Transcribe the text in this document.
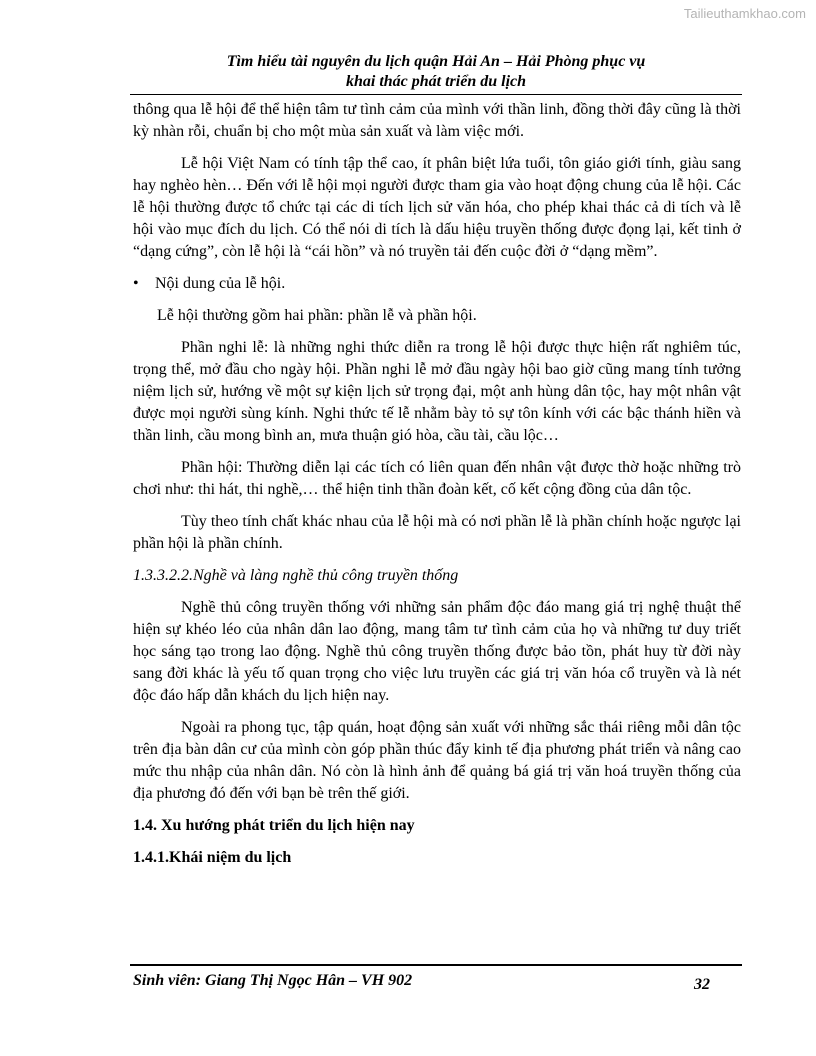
Tailieuthamkhao.com
Tìm hiểu tài nguyên du lịch quận Hải An – Hải Phòng phục vụ
khai thác phát triển du lịch

thông qua lễ hội để thể hiện tâm tư tình cảm của mình với thần linh, đồng thời đây cũng là thời kỳ nhàn rỗi, chuẩn bị cho một mùa sản xuất và làm việc mới.

Lễ hội Việt Nam có tính tập thể cao, ít phân biệt lứa tuổi, tôn giáo giới tính, giàu sang hay nghèo hèn… Đến với lễ hội mọi người được tham gia vào hoạt động chung của lễ hội. Các lễ hội thường được tổ chức tại các di tích lịch sử văn hóa, cho phép khai thác cả di tích và lễ hội vào mục đích du lịch. Có thể nói di tích là dấu hiệu truyền thống được đọng lại, kết tinh ở “dạng cứng”, còn lễ hội là “cái hồn” và nó truyền tải đến cuộc đời ở “dạng mềm”.

•	Nội dung của lễ hội.

Lễ hội thường gồm hai phần: phần lễ và phần hội.

Phần nghi lễ: là những nghi thức diễn ra trong lễ hội được thực hiện rất nghiêm túc, trọng thể, mở đầu cho ngày hội. Phần nghi lễ mở đầu ngày hội bao giờ cũng mang tính tưởng niệm lịch sử, hướng về một sự kiện lịch sử trọng đại, một anh hùng dân tộc, hay một nhân vật được mọi người sùng kính. Nghi thức tế lễ nhằm bày tỏ sự tôn kính với các bậc thánh hiền và thần linh, cầu mong bình an, mưa thuận gió hòa, cầu tài, cầu lộc…

Phần hội: Thường diễn lại các tích có liên quan đến nhân vật được thờ hoặc những trò chơi như: thi hát, thi nghề,… thể hiện tinh thần đoàn kết, cố kết cộng đồng của dân tộc.

Tùy theo tính chất khác nhau của lễ hội mà có nơi phần lễ là phần chính hoặc ngược lại phần hội là phần chính.

1.3.3.2.2.Nghề và làng nghề thủ công truyền thống

Nghề thủ công truyền thống với những sản phẩm độc đáo mang giá trị nghệ thuật thể hiện sự khéo léo của nhân dân lao động, mang tâm tư tình cảm của họ và những tư duy triết học sáng tạo trong lao động. Nghề thủ công truyền thống được bảo tồn, phát huy từ đời này sang đời khác là yếu tố quan trọng cho việc lưu truyền các giá trị văn hóa cổ truyền và là nét độc đáo hấp dẫn khách du lịch hiện nay.

Ngoài ra phong tục, tập quán, hoạt động sản xuất với những sắc thái riêng mỗi dân tộc trên địa bàn dân cư của mình còn góp phần thúc đẩy kinh tế địa phương phát triển và nâng cao mức thu nhập của nhân dân. Nó còn là hình ảnh để quảng bá giá trị văn hoá truyền thống của địa phương đó đến với bạn bè trên thế giới.

1.4. Xu hướng phát triển du lịch hiện nay

1.4.1.Khái niệm du lịch

Sinh viên: Giang Thị Ngọc Hân – VH 902	32
